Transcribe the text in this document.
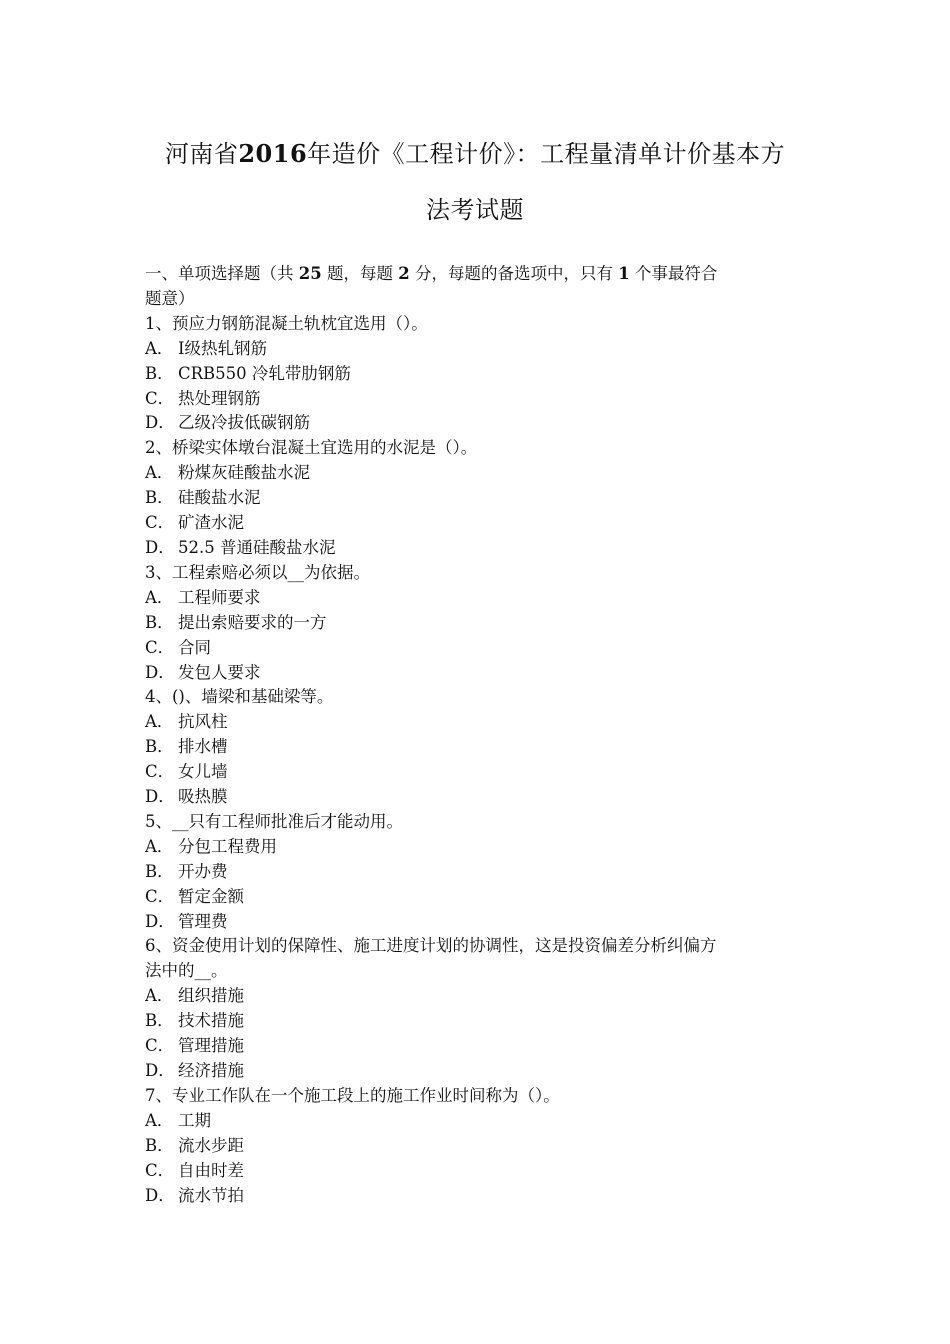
河南省2016年造价《工程计价》：工程量清单计价基本方
法考试题
一、单项选择题（共 25 题，每题 2 分，每题的备选项中，只有 1 个事最符合
题意）
1、预应力钢筋混凝土轨枕宜选用（）。
A． Ⅰ级热轧钢筋
B． CRB550 冷轧带肋钢筋
C． 热处理钢筋
D． 乙级冷拔低碳钢筋
2、桥梁实体墩台混凝土宜选用的水泥是（）。
A． 粉煤灰硅酸盐水泥
B． 硅酸盐水泥
C． 矿渣水泥
D． 52.5 普通硅酸盐水泥
3、工程索赔必须以__为依据。
A． 工程师要求
B． 提出索赔要求的一方
C． 合同
D． 发包人要求
4、()、墙梁和基础梁等。
A． 抗风柱
B． 排水槽
C． 女儿墙
D． 吸热膜
5、__只有工程师批准后才能动用。
A． 分包工程费用
B． 开办费
C． 暂定金额
D． 管理费
6、资金使用计划的保障性、施工进度计划的协调性，这是投资偏差分析纠偏方
法中的__。
A． 组织措施
B． 技术措施
C． 管理措施
D． 经济措施
7、专业工作队在一个施工段上的施工作业时间称为（）。
A． 工期
B． 流水步距
C． 自由时差
D． 流水节拍
